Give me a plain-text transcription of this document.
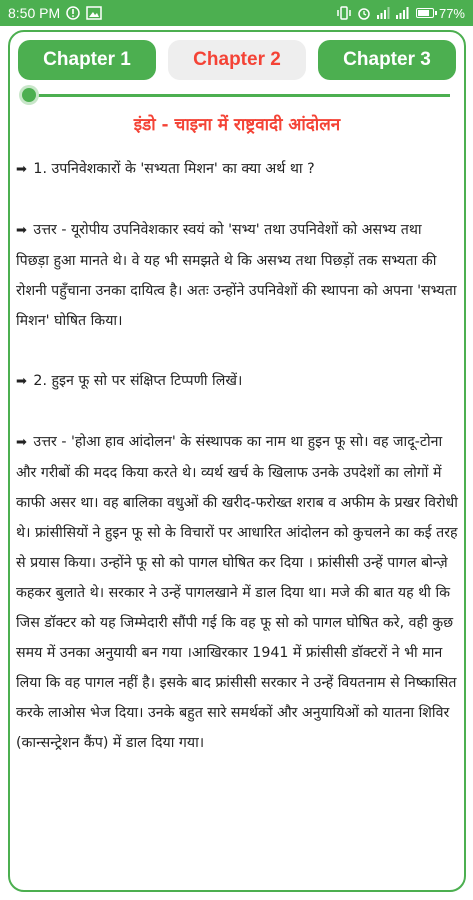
8:50 PM	77%
Chapter 1	Chapter 2	Chapter 3
इंडो - चाइना में राष्ट्रवादी आंदोलन

➡ 1. उपनिवेशकारों के 'सभ्यता मिशन' का क्या अर्थ था ?

➡ उत्तर - यूरोपीय उपनिवेशकार स्वयं को 'सभ्य' तथा उपनिवेशों को असभ्य तथा पिछड़ा हुआ मानते थे। वे यह भी समझते थे कि असभ्य तथा पिछड़ों तक सभ्यता की रोशनी पहुँचाना उनका दायित्व है। अतः उन्होंने उपनिवेशों की स्थापना को अपना 'सभ्यता मिशन' घोषित किया।

➡ 2. हुइन फू सो पर संक्षिप्त टिप्पणी लिखें।

➡ उत्तर - 'होआ हाव आंदोलन' के संस्थापक का नाम था हुइन फू सो। वह जादू-टोना और गरीबों की मदद किया करते थे। व्यर्थ खर्च के खिलाफ उनके उपदेशों का लोगों में काफी असर था। वह बालिका वधुओं की खरीद-फरोख्त शराब व अफीम के प्रखर विरोधी थे। फ्रांसीसियों ने हुइन फू सो के विचारों पर आधारित आंदोलन को कुचलने का कई तरह से प्रयास किया। उन्होंने फू सो को पागल घोषित कर दिया । फ्रांसीसी उन्हें पागल बोन्ज़े कहकर बुलाते थे। सरकार ने उन्हें पागलखाने में डाल दिया था। मजे की बात यह थी कि जिस डॉक्टर को यह जिम्मेदारी सौंपी गई कि वह फू सो को पागल घोषित करे, वही कुछ समय में उनका अनुयायी बन गया ।आखिरकार 1941 में फ्रांसीसी डॉक्टरों ने भी मान लिया कि वह पागल नहीं है। इसके बाद फ्रांसीसी सरकार ने उन्हें वियतनाम से निष्कासित करके लाओस भेज दिया। उनके बहुत सारे समर्थकों और अनुयायिओं को यातना शिविर (कान्सन्ट्रेशन कैंप) में डाल दिया गया।
